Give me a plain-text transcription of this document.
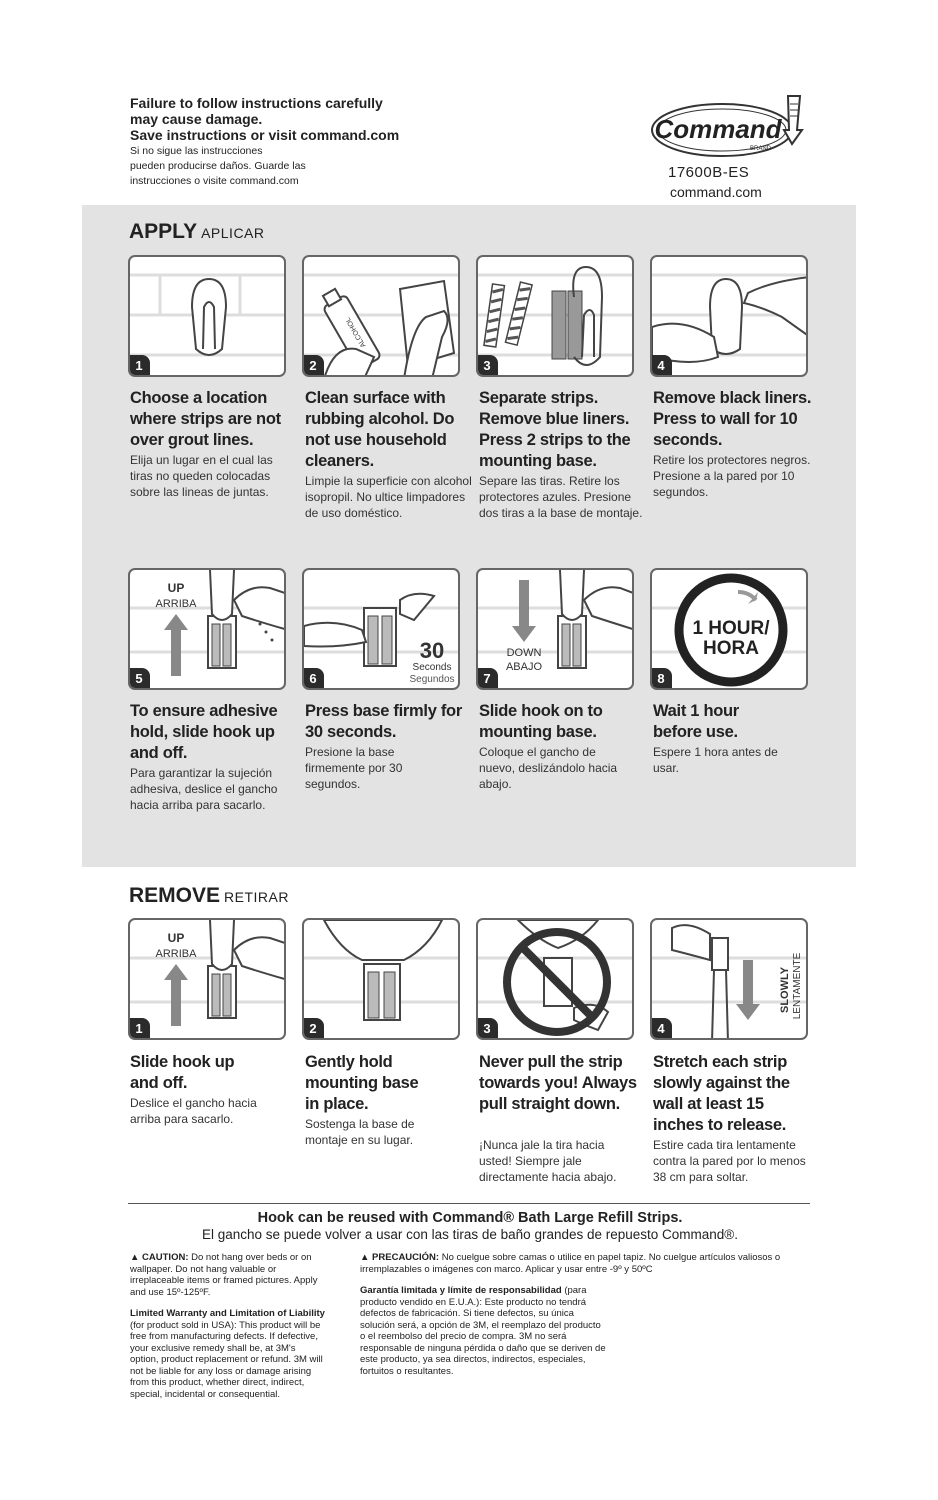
Failure to follow instructions carefully
may cause damage.
Save instructions or visit command.com
Si no sigue las instrucciones
pueden producirse daños. Guarde las
instrucciones o visite command.com
Command
BRAND
17600B-ES
command.com
APPLY APLICAR
1
ALCOHOL
2	3	4
Choose a location where strips are not over grout lines.
Elija un lugar en el cual las tiras no queden colocadas sobre las lineas de juntas.
Clean surface with rubbing alcohol. Do not use household cleaners.
Limpie la superficie con alcohol isopropil. No ultice limpadores de uso doméstico.
Separate strips. Remove blue liners. Press 2 strips to the mounting base.
Separe las tiras. Retire los protectores azules. Presione dos tiras a la base de montaje.
Remove black liners. Press to wall for 10 seconds.
Retire los protectores negros. Presione a la pared por 10 segundos.
UP
ARRIBA
5
30
Seconds
Segundos
6
DOWN
ABAJO
7
1 HOUR/
HORA
8
To ensure adhesive hold, slide hook up and off.
Para garantizar la sujeción adhesiva, deslice el gancho hacia arriba para sacarlo.
Press base firmly for 30 seconds.
Presione la base firmemente por 30 segundos.
Slide hook on to mounting base.
Coloque el gancho de nuevo, deslizándolo hacia abajo.
Wait 1 hour before use.
Espere 1 hora antes de usar.
REMOVE RETIRAR
UP
ARRIBA
1	2	3
SLOWLY LENTAMENTE
4
Slide hook up and off.
Deslice el gancho hacia arriba para sacarlo.
Gently hold mounting base in place.
Sostenga la base de montaje en su lugar.
Never pull the strip towards you! Always pull straight down.
¡Nunca jale la tira hacia usted! Siempre jale directamente hacia abajo.
Stretch each strip slowly against the wall at least 15 inches to release.
Estire cada tira lentamente contra la pared por lo menos 38 cm para soltar.
Hook can be reused with Command® Bath Large Refill Strips.
El gancho se puede volver a usar con las tiras de baño grandes de repuesto Command®.
▲ CAUTION: Do not hang over beds or on wallpaper. Do not hang valuable or irreplaceable items or framed pictures. Apply and use 15º-125ºF.
Limited Warranty and Limitation of Liability (for product sold in USA): This product will be free from manufacturing defects. If defective, your exclusive remedy shall be, at 3M's option, product replacement or refund. 3M will not be liable for any loss or damage arising from this product, whether direct, indirect, special, incidental or consequential.
▲ PRECAUCIÓN: No cuelgue sobre camas o utilice en papel tapiz. No cuelgue artículos valiosos o irremplazables o imágenes con marco. Aplicar y usar entre -9º y 50ºC
Garantía limitada y límite de responsabilidad (para producto vendido en E.U.A.): Este producto no tendrá defectos de fabricación. Si tiene defectos, su única solución será, a opción de 3M, el reemplazo del producto o el reembolso del precio de compra. 3M no será responsable de ninguna pérdida o daño que se deriven de este producto, ya sea directos, indirectos, especiales, fortuitos o resultantes.
